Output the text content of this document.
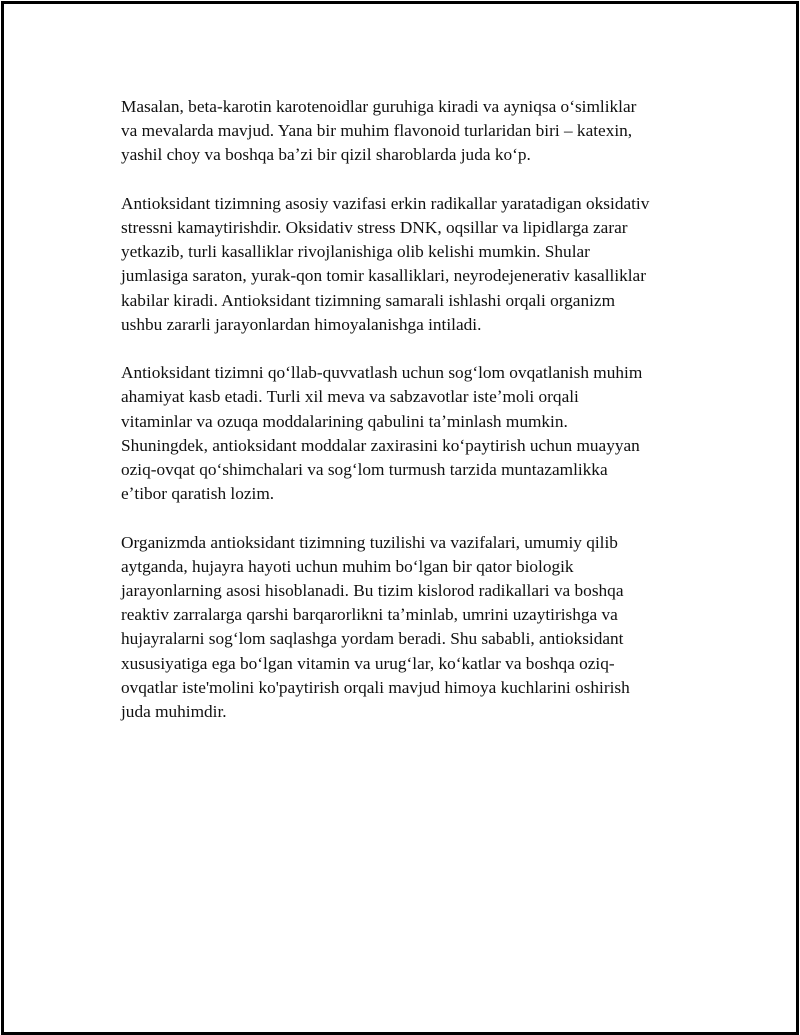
Masalan, beta-karotin karotenoidlar guruhiga kiradi va ayniqsa oʻsimliklar
va mevalarda mavjud. Yana bir muhim flavonoid turlaridan biri – katexin,
yashil choy va boshqa baʼzi bir qizil sharoblarda juda koʻp.

Antioksidant tizimning asosiy vazifasi erkin radikallar yaratadigan oksidativ
stressni kamaytirishdir. Oksidativ stress DNK, oqsillar va lipidlarga zarar
yetkazib, turli kasalliklar rivojlanishiga olib kelishi mumkin. Shular
jumlasiga saraton, yurak-qon tomir kasalliklari, neyrodejenerativ kasalliklar
kabilar kiradi. Antioksidant tizimning samarali ishlashi orqali organizm
ushbu zararli jarayonlardan himoyalanishga intiladi.

Antioksidant tizimni qoʻllab-quvvatlash uchun sogʻlom ovqatlanish muhim
ahamiyat kasb etadi. Turli xil meva va sabzavotlar isteʼmoli orqali
vitaminlar va ozuqa moddalarining qabulini taʼminlash mumkin.
Shuningdek, antioksidant moddalar zaxirasini koʻpaytirish uchun muayyan
oziq-ovqat qoʻshimchalari va sogʻlom turmush tarzida muntazamlikka
eʼtibor qaratish lozim.

Organizmda antioksidant tizimning tuzilishi va vazifalari, umumiy qilib
aytganda, hujayra hayoti uchun muhim boʻlgan bir qator biologik
jarayonlarning asosi hisoblanadi. Bu tizim kislorod radikallari va boshqa
reaktiv zarralarga qarshi barqarorlikni taʼminlab, umrini uzaytirishga va
hujayralarni sogʻlom saqlashga yordam beradi. Shu sababli, antioksidant
xususiyatiga ega boʻlgan vitamin va urugʻlar, koʻkatlar va boshqa oziq-
ovqatlar iste'molini ko'paytirish orqali mavjud himoya kuchlarini oshirish
juda muhimdir.
